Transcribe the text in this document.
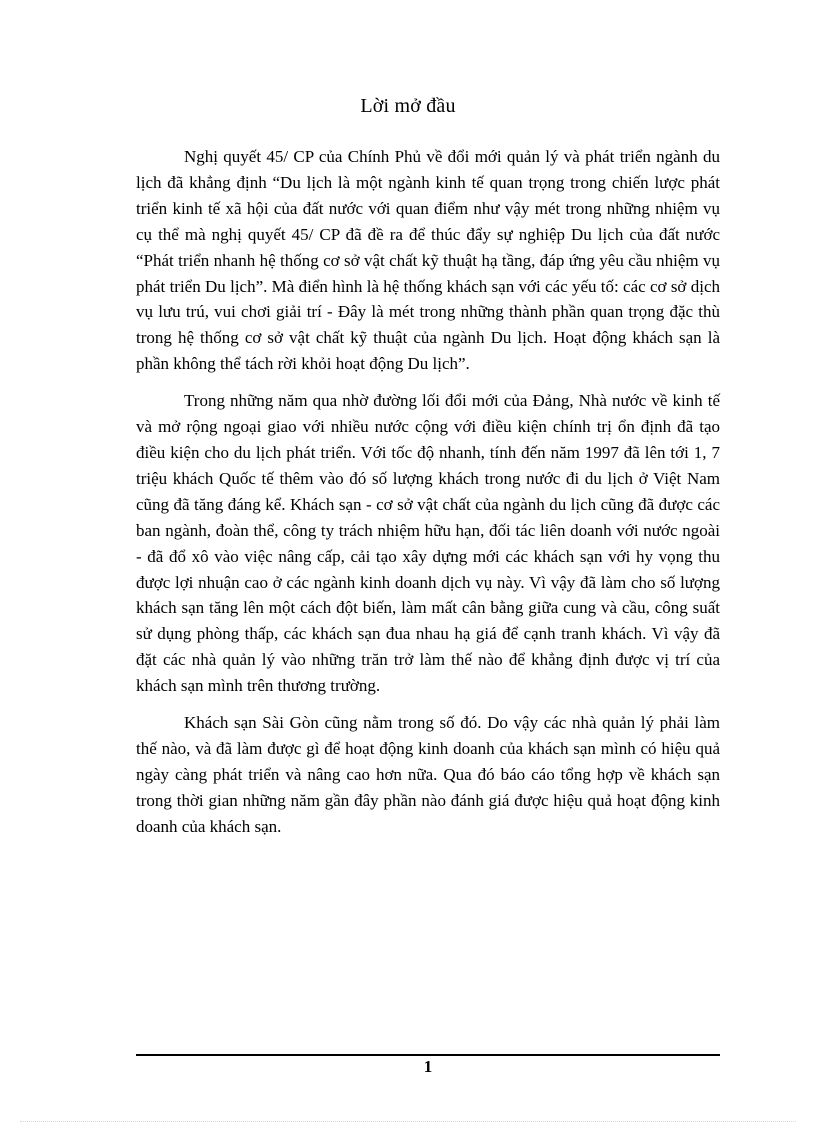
Lời mở đầu

Nghị quyết 45/ CP của Chính Phủ về đổi mới quản lý và phát triển ngành du lịch đã khẳng định “Du lịch là một ngành kinh tế quan trọng trong chiến lược phát triển kinh tế xã hội của đất nước với quan điểm như vậy mét trong những nhiệm vụ cụ thể mà nghị quyết 45/ CP đã đề ra để thúc đẩy sự nghiệp Du lịch của đất nước “Phát triển nhanh hệ thống cơ sở vật chất kỹ thuật hạ tầng, đáp ứng yêu cầu nhiệm vụ phát triển Du lịch”. Mà điển hình là hệ thống khách sạn với các yếu tố: các cơ sở dịch vụ lưu trú, vui chơi giải trí - Đây là mét trong những thành phần quan trọng đặc thù trong hệ thống cơ sở vật chất kỹ thuật của ngành Du lịch. Hoạt động khách sạn là phần không thể tách rời khỏi hoạt động Du lịch”.

Trong những năm qua nhờ đường lối đổi mới của Đảng, Nhà nước về kinh tế và mở rộng ngoại giao với nhiều nước cộng với điều kiện chính trị ổn định đã tạo điều kiện cho du lịch phát triển. Với tốc độ nhanh, tính đến năm 1997 đã lên tới 1, 7 triệu khách Quốc tế thêm vào đó số lượng khách trong nước đi du lịch ở Việt Nam cũng đã tăng đáng kể. Khách sạn - cơ sở vật chất của ngành du lịch cũng đã được các ban ngành, đoàn thể, công ty trách nhiệm hữu hạn, đối tác liên doanh với nước ngoài - đã đổ xô vào việc nâng cấp, cải tạo xây dựng mới các khách sạn với hy vọng thu được lợi nhuận cao ở các ngành kinh doanh dịch vụ này. Vì vậy đã làm cho số lượng khách sạn tăng lên một cách đột biến, làm mất cân bằng giữa cung và cầu, công suất sử dụng phòng thấp, các khách sạn đua nhau hạ giá để cạnh tranh khách. Vì vậy đã đặt các nhà quản lý vào những trăn trở làm thế nào để khẳng định được vị trí của khách sạn mình trên thương trường.

Khách sạn Sài Gòn cũng nằm trong số đó. Do vậy các nhà quản lý phải làm thế nào, và đã làm được gì để hoạt động kinh doanh của khách sạn mình có hiệu quả ngày càng phát triển và nâng cao hơn nữa. Qua đó báo cáo tổng hợp về khách sạn trong thời gian những năm gần đây phần nào đánh giá được hiệu quả hoạt động kinh doanh của khách sạn.

1
